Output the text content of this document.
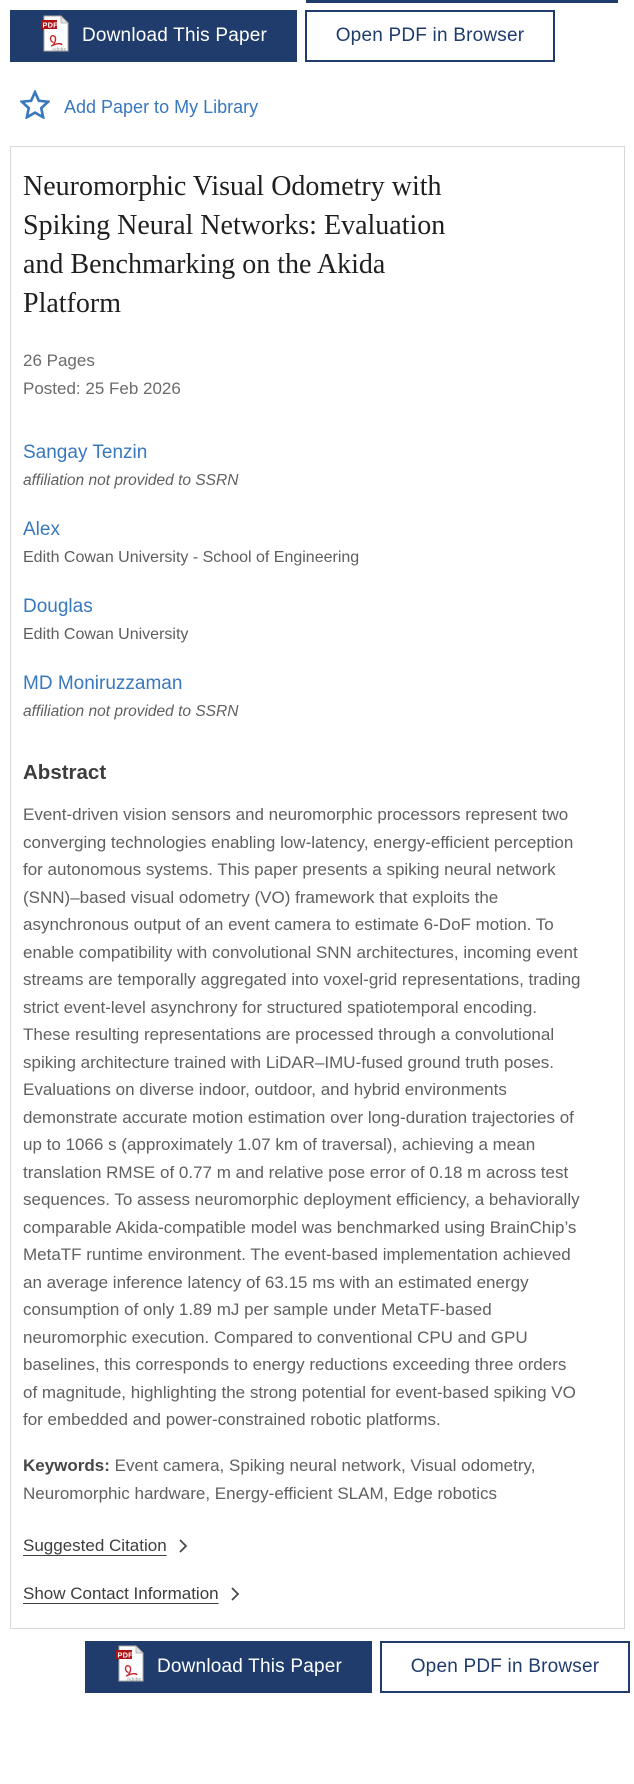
PDF
Adobe
Download This Paper	Open PDF in Browser
Add Paper to My Library
Neuromorphic Visual Odometry with Spiking Neural Networks: Evaluation and Benchmarking on the Akida Platform
26 Pages
Posted: 25 Feb 2026
Sangay Tenzin
affiliation not provided to SSRN
Alex
Edith Cowan University - School of Engineering
Douglas
Edith Cowan University
MD Moniruzzaman
affiliation not provided to SSRN
Abstract

Event-driven vision sensors and neuromorphic processors represent two converging technologies enabling low-latency, energy-efficient perception for autonomous systems. This paper presents a spiking neural network (SNN)–based visual odometry (VO) framework that exploits the asynchronous output of an event camera to estimate 6-DoF motion. To enable compatibility with convolutional SNN architectures, incoming event streams are temporally aggregated into voxel-grid representations, trading strict event-level asynchrony for structured spatiotemporal encoding. These resulting representations are processed through a convolutional spiking architecture trained with LiDAR–IMU-fused ground truth poses. Evaluations on diverse indoor, outdoor, and hybrid environments demonstrate accurate motion estimation over long-duration trajectories of up to 1066 s (approximately 1.07 km of traversal), achieving a mean translation RMSE of 0.77 m and relative pose error of 0.18 m across test sequences. To assess neuromorphic deployment efficiency, a behaviorally comparable Akida-compatible model was benchmarked using BrainChip’s MetaTF runtime environment. The event-based implementation achieved an average inference latency of 63.15 ms with an estimated energy consumption of only 1.89 mJ per sample under MetaTF-based neuromorphic execution. Compared to conventional CPU and GPU baselines, this corresponds to energy reductions exceeding three orders of magnitude, highlighting the strong potential for event-based spiking VO for embedded and power-constrained robotic platforms.

Keywords: Event camera, Spiking neural network, Visual odometry, Neuromorphic hardware, Energy-efficient SLAM, Edge robotics

Suggested Citation
Show Contact Information
PDF
Adobe
Download This Paper	Open PDF in Browser
